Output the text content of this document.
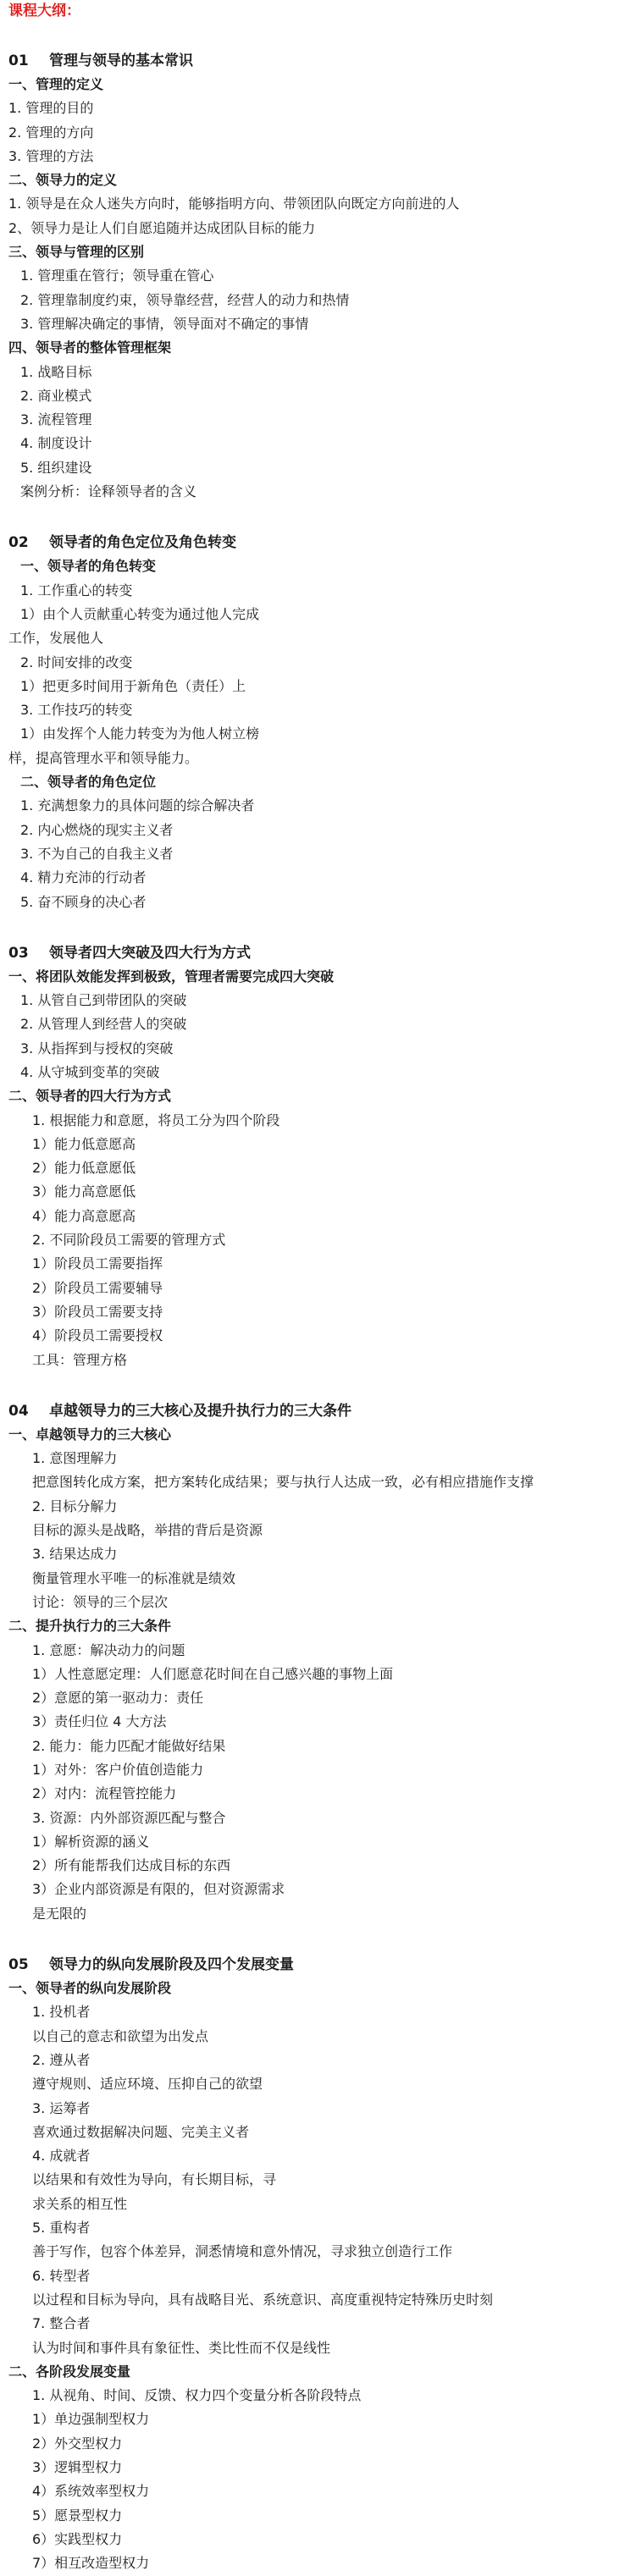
课程大纲：
01 管理与领导的基本常识
一、管理的定义
1. 管理的目的
2. 管理的方向
3. 管理的方法
二、领导力的定义
1. 领导是在众人迷失方向时，能够指明方向、带领团队向既定方向前进的人
2、领导力是让人们自愿追随并达成团队目标的能力
三、领导与管理的区别
1. 管理重在管行；领导重在管心
2. 管理靠制度约束，领导靠经营，经营人的动力和热情
3. 管理解决确定的事情，领导面对不确定的事情
四、领导者的整体管理框架
1. 战略目标
2. 商业模式
3. 流程管理
4. 制度设计
5. 组织建设
案例分析：诠释领导者的含义
02 领导者的角色定位及角色转变
一、领导者的角色转变
1. 工作重心的转变
1）由个人贡献重心转变为通过他人完成
工作，发展他人
2. 时间安排的改变
1）把更多时间用于新角色（责任）上
3. 工作技巧的转变
1）由发挥个人能力转变为为他人树立榜
样，提高管理水平和领导能力。
二、领导者的角色定位
1. 充满想象力的具体问题的综合解决者
2. 内心燃烧的现实主义者
3. 不为自己的自我主义者
4. 精力充沛的行动者
5. 奋不顾身的决心者
03 领导者四大突破及四大行为方式
一、将团队效能发挥到极致，管理者需要完成四大突破
1. 从管自己到带团队的突破
2. 从管理人到经营人的突破
3. 从指挥到与授权的突破
4. 从守城到变革的突破
二、领导者的四大行为方式
1. 根据能力和意愿，将员工分为四个阶段
1）能力低意愿高
2）能力低意愿低
3）能力高意愿低
4）能力高意愿高
2. 不同阶段员工需要的管理方式
1）阶段员工需要指挥
2）阶段员工需要辅导
3）阶段员工需要支持
4）阶段员工需要授权
工具：管理方格
04 卓越领导力的三大核心及提升执行力的三大条件
一、卓越领导力的三大核心
1. 意图理解力
把意图转化成方案，把方案转化成结果；要与执行人达成一致，必有相应措施作支撑
2. 目标分解力
目标的源头是战略，举措的背后是资源
3. 结果达成力
衡量管理水平唯一的标准就是绩效
讨论：领导的三个层次
二、提升执行力的三大条件
1. 意愿：解决动力的问题
1）人性意愿定理：人们愿意花时间在自己感兴趣的事物上面
2）意愿的第一驱动力：责任
3）责任归位 4 大方法
2. 能力：能力匹配才能做好结果
1）对外：客户价值创造能力
2）对内：流程管控能力
3. 资源：内外部资源匹配与整合
1）解析资源的涵义
2）所有能帮我们达成目标的东西
3）企业内部资源是有限的，但对资源需求
是无限的
05 领导力的纵向发展阶段及四个发展变量
一、领导者的纵向发展阶段
1. 投机者
以自己的意志和欲望为出发点
2. 遵从者
遵守规则、适应环境、压抑自己的欲望
3. 运筹者
喜欢通过数据解决问题、完美主义者
4. 成就者
以结果和有效性为导向，有长期目标，寻
求关系的相互性
5. 重构者
善于写作，包容个体差异，洞悉情境和意外情况，寻求独立创造行工作
6. 转型者
以过程和目标为导向，具有战略目光、系统意识、高度重视特定特殊历史时刻
7. 整合者
认为时间和事件具有象征性、类比性而不仅是线性
二、各阶段发展变量
1. 从视角、时间、反馈、权力四个变量分析各阶段特点
1）单边强制型权力
2）外交型权力
3）逻辑型权力
4）系统效率型权力
5）愿景型权力
6）实践型权力
7）相互改造型权力
